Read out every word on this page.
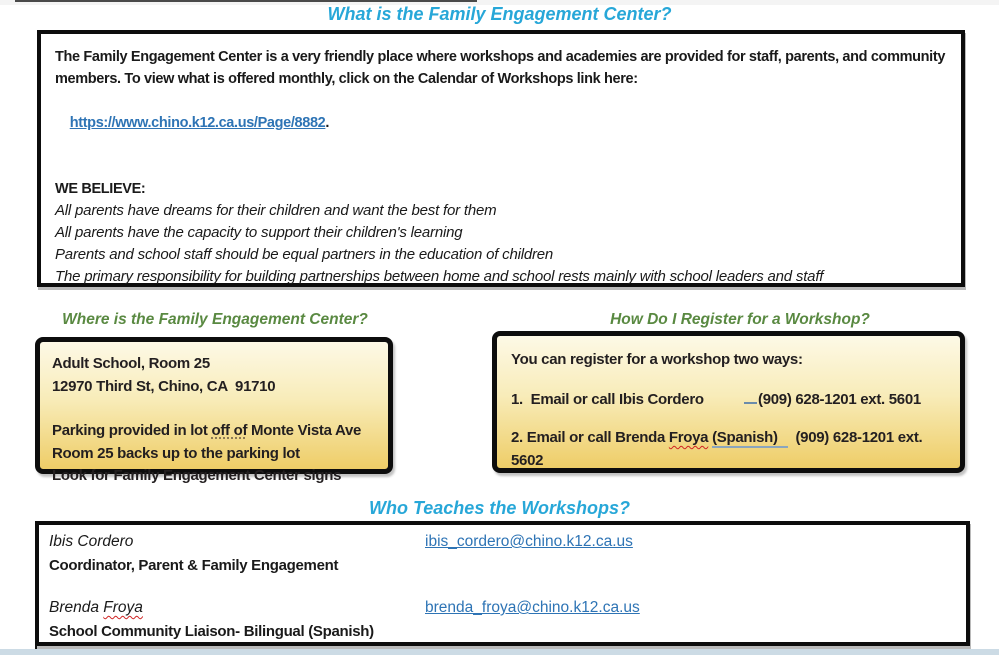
What is the Family Engagement Center?
The Family Engagement Center is a very friendly place where workshops and academies are provided for staff, parents, and community members. To view what is offered monthly, click on the Calendar of Workshops link here:

https://www.chino.k12.ca.us/Page/8882.

WE BELIEVE:
All parents have dreams for their children and want the best for them
All parents have the capacity to support their children's learning
Parents and school staff should be equal partners in the education of children
The primary responsibility for building partnerships between home and school rests mainly with school leaders and staff
Where is the Family Engagement Center?
Adult School, Room 25
12970 Third St, Chino, CA  91710
Parking provided in lot off of Monte Vista Ave
Room 25 backs up to the parking lot
Look for Family Engagement Center signs
How Do I Register for a Workshop?
You can register for a workshop two ways:
1.  Email or call Ibis Cordero	(909) 628-1201 ext. 5601
2. Email or call Brenda Froya (Spanish)  (909) 628-1201 ext. 5602
Who Teaches the Workshops?
Ibis Cordero	ibis_cordero@chino.k12.ca.us
Coordinator, Parent & Family Engagement
Brenda Froya	brenda_froya@chino.k12.ca.us
School Community Liaison- Bilingual (Spanish)
